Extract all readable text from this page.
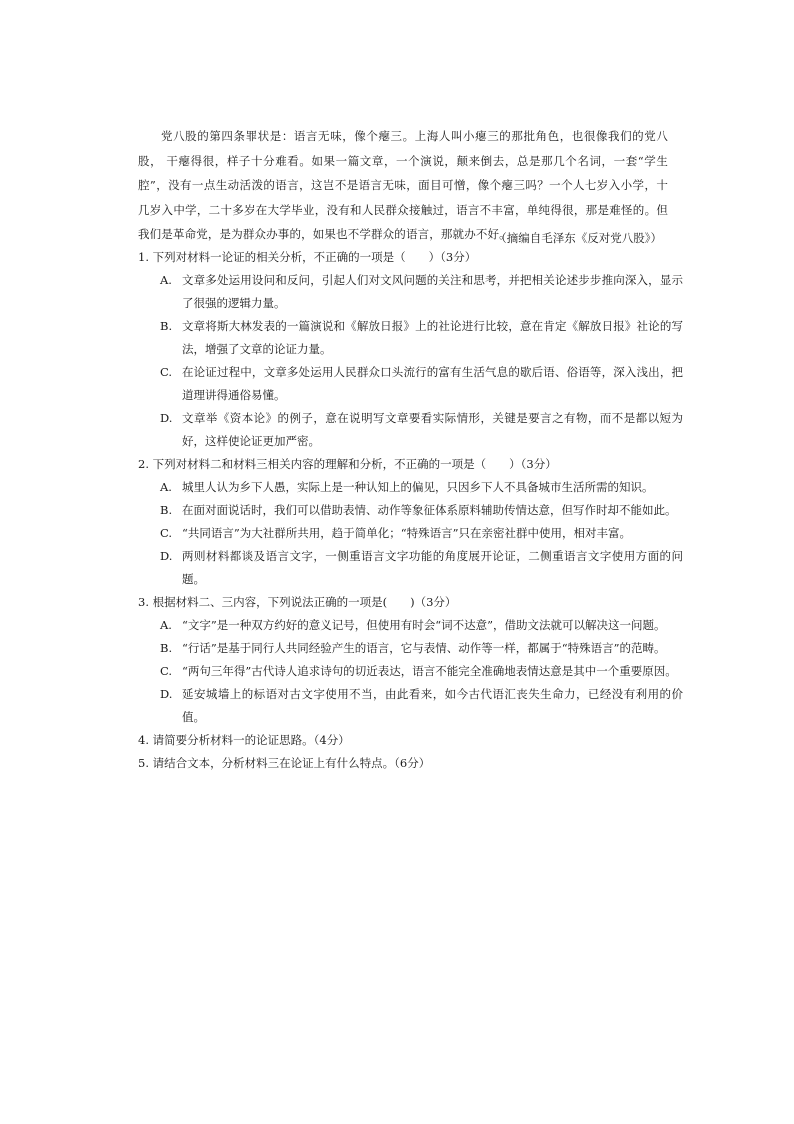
党八股的第四条罪状是：语言无味，像个瘪三。上海人叫小瘪三的那批角色，也很像我们的党八股， 干瘪得很，样子十分难看。如果一篇文章，一个演说，颠来倒去，总是那几个名词，一套“学生腔”，没有一点生动活泼的语言，这岂不是语言无味，面目可憎，像个瘪三吗？一个人七岁入小学，十几岁入中学，二十多岁在大学毕业，没有和人民群众接触过，语言不丰富，单纯得很，那是难怪的。但我们是革命党，是为群众办事的，如果也不学群众的语言，那就办不好。

（摘编自毛泽东《反对党八股》）

1. 下列对材料一论证的相关分析，不正确的一项是（　　）（3分）

A. 文章多处运用设问和反问，引起人们对文风问题的关注和思考，并把相关论述步步推向深入，显示了很强的逻辑力量。
B. 文章将斯大林发表的一篇演说和《解放日报》上的社论进行比较，意在肯定《解放日报》社论的写法，增强了文章的论证力量。
C. 在论证过程中，文章多处运用人民群众口头流行的富有生活气息的歇后语、俗语等，深入浅出，把道理讲得通俗易懂。
D. 文章举《资本论》的例子，意在说明写文章要看实际情形，关键是要言之有物，而不是都以短为好，这样使论证更加严密。

2. 下列对材料二和材料三相关内容的理解和分析，不正确的一项是（　　）（3分）

A. 城里人认为乡下人愚，实际上是一种认知上的偏见，只因乡下人不具备城市生活所需的知识。
B. 在面对面说话时，我们可以借助表情、动作等象征体系原料辅助传情达意，但写作时却不能如此。
C. “共同语言”为大社群所共用，趋于简单化；“特殊语言”只在亲密社群中使用，相对丰富。
D. 两则材料都谈及语言文字，一侧重语言文字功能的角度展开论证，二侧重语言文字使用方面的问题。

3. 根据材料二、三内容，下列说法正确的一项是(　　)（3分）

A. “文字”是一种双方约好的意义记号，但使用有时会“词不达意”，借助文法就可以解决这一问题。
B. “行话”是基于同行人共同经验产生的语言，它与表情、动作等一样，都属于“特殊语言”的范畴。
C. “两句三年得”古代诗人追求诗句的切近表达，语言不能完全准确地表情达意是其中一个重要原因。
D. 延安城墙上的标语对古文字使用不当，由此看来，如今古代语汇丧失生命力，已经没有利用的价值。

4. 请简要分析材料一的论证思路。（4分）

5. 请结合文本，分析材料三在论证上有什么特点。（6分）
